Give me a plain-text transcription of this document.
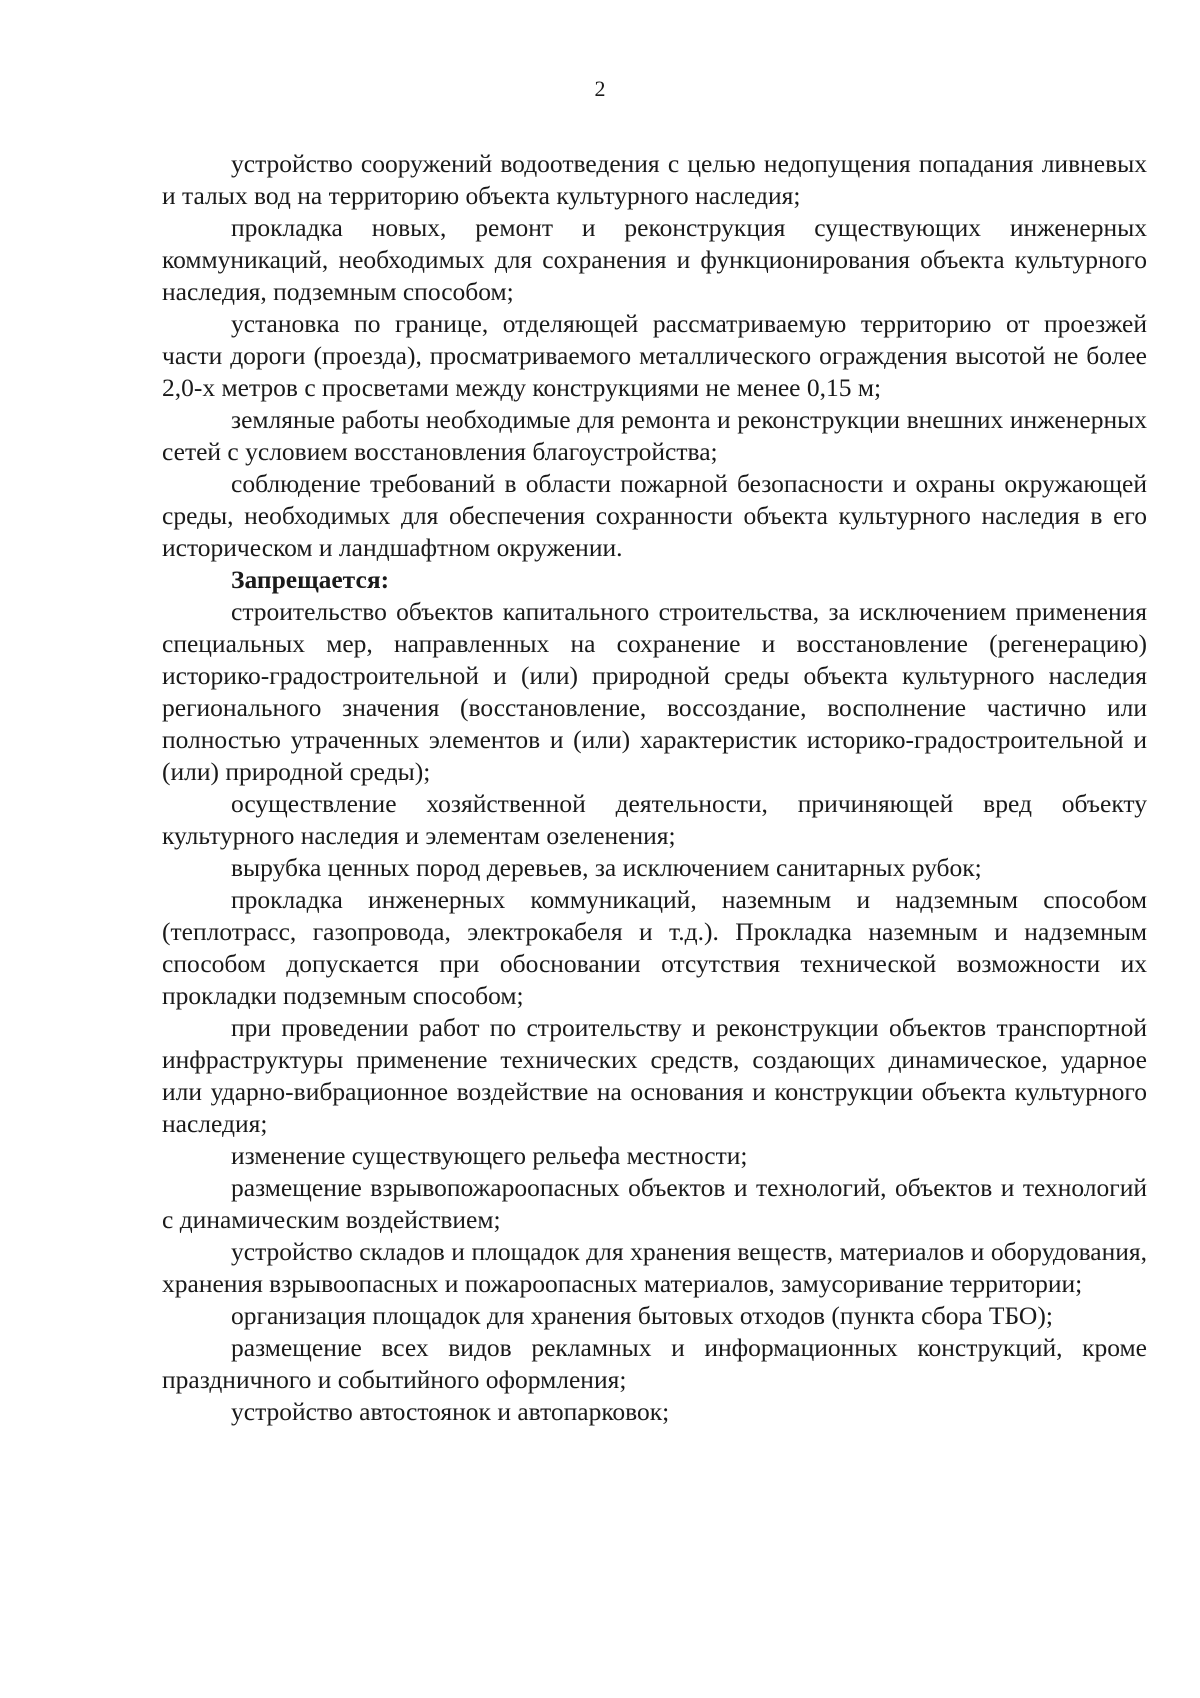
2

устройство сооружений водоотведения с целью недопущения попадания ливневых и талых вод на территорию объекта культурного наследия;

прокладка новых, ремонт и реконструкция существующих инженерных коммуникаций, необходимых для сохранения и функционирования объекта культурного наследия, подземным способом;

установка по границе, отделяющей рассматриваемую территорию от проезжей части дороги (проезда), просматриваемого металлического ограждения высотой не более 2,0-х метров с просветами между конструкциями не менее 0,15 м;

земляные работы необходимые для ремонта и реконструкции внешних инженерных сетей с условием восстановления благоустройства;

соблюдение требований в области пожарной безопасности и охраны окружающей среды, необходимых для обеспечения сохранности объекта культурного наследия в его историческом и ландшафтном окружении.

Запрещается:

строительство объектов капитального строительства, за исключением применения специальных мер, направленных на сохранение и восстановление (регенерацию) историко-градостроительной и (или) природной среды объекта культурного наследия регионального значения (восстановление, воссоздание, восполнение частично или полностью утраченных элементов и (или) характеристик историко-градостроительной и (или) природной среды);

осуществление хозяйственной деятельности, причиняющей вред объекту культурного наследия и элементам озеленения;

вырубка ценных пород деревьев, за исключением санитарных рубок;

прокладка инженерных коммуникаций, наземным и надземным способом (теплотрасс, газопровода, электрокабеля и т.д.). Прокладка наземным и надземным способом допускается при обосновании отсутствия технической возможности их прокладки подземным способом;

при проведении работ по строительству и реконструкции объектов транспортной инфраструктуры применение технических средств, создающих динамическое, ударное или ударно-вибрационное воздействие на основания и конструкции объекта культурного наследия;

изменение существующего рельефа местности;

размещение взрывопожароопасных объектов и технологий, объектов и технологий с динамическим воздействием;

устройство складов и площадок для хранения веществ, материалов и оборудования, хранения взрывоопасных и пожароопасных материалов, замусоривание территории;

организация площадок для хранения бытовых отходов (пункта сбора ТБО);

размещение всех видов рекламных и информационных конструкций, кроме праздничного и событийного оформления;

устройство автостоянок и автопарковок;
